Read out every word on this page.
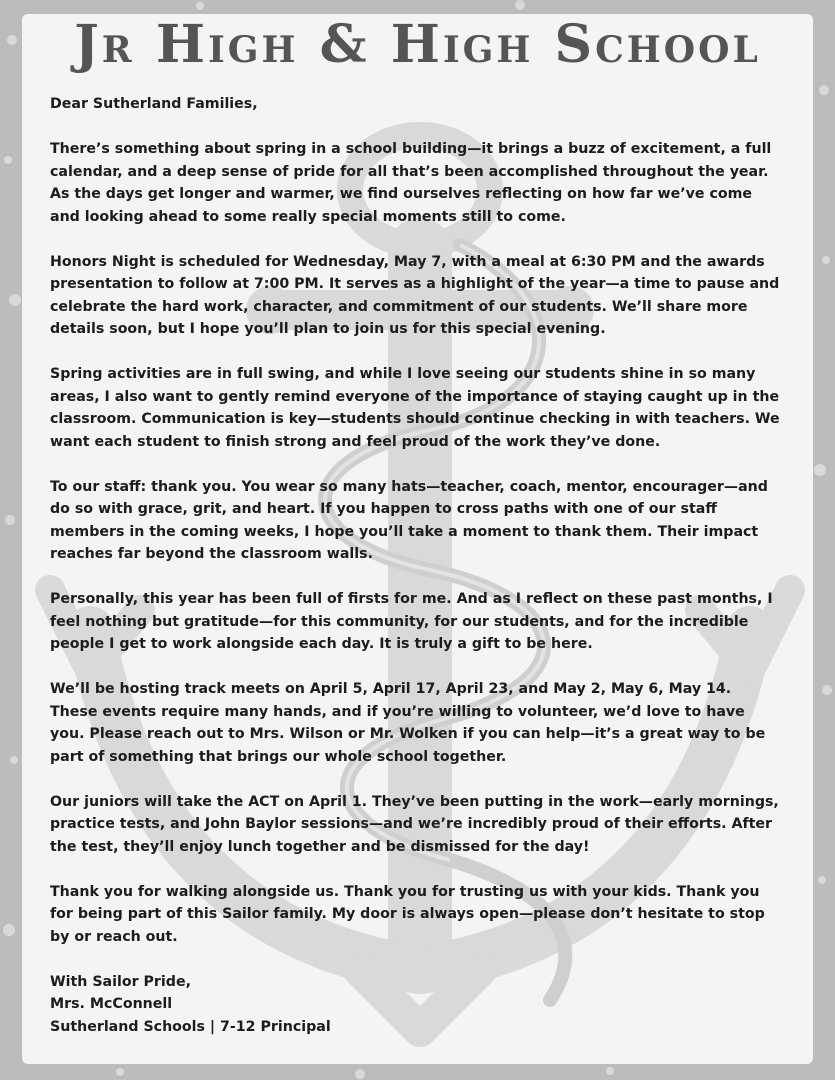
Jr High & High School

Dear Sutherland Families,

There’s something about spring in a school building—it brings a buzz of excitement, a full calendar, and a deep sense of pride for all that’s been accomplished throughout the year. As the days get longer and warmer, we find ourselves reflecting on how far we’ve come and looking ahead to some really special moments still to come.

Honors Night is scheduled for Wednesday, May 7, with a meal at 6:30 PM and the awards presentation to follow at 7:00 PM. It serves as a highlight of the year—a time to pause and celebrate the hard work, character, and commitment of our students. We’ll share more details soon, but I hope you’ll plan to join us for this special evening.

Spring activities are in full swing, and while I love seeing our students shine in so many areas, I also want to gently remind everyone of the importance of staying caught up in the classroom. Communication is key—students should continue checking in with teachers. We want each student to finish strong and feel proud of the work they’ve done.

To our staff: thank you. You wear so many hats—teacher, coach, mentor, encourager—and do so with grace, grit, and heart. If you happen to cross paths with one of our staff members in the coming weeks, I hope you’ll take a moment to thank them. Their impact reaches far beyond the classroom walls.

Personally, this year has been full of firsts for me. And as I reflect on these past months, I feel nothing but gratitude—for this community, for our students, and for the incredible people I get to work alongside each day. It is truly a gift to be here.

We’ll be hosting track meets on April 5, April 17, April 23, and May 2, May 6, May 14. These events require many hands, and if you’re willing to volunteer, we’d love to have you. Please reach out to Mrs. Wilson or Mr. Wolken if you can help—it’s a great way to be part of something that brings our whole school together.

Our juniors will take the ACT on April 1. They’ve been putting in the work—early mornings, practice tests, and John Baylor sessions—and we’re incredibly proud of their efforts. After the test, they’ll enjoy lunch together and be dismissed for the day!

Thank you for walking alongside us. Thank you for trusting us with your kids. Thank you for being part of this Sailor family. My door is always open—please don’t hesitate to stop by or reach out.

With Sailor Pride,

Mrs. McConnell

Sutherland Schools | 7-12 Principal
